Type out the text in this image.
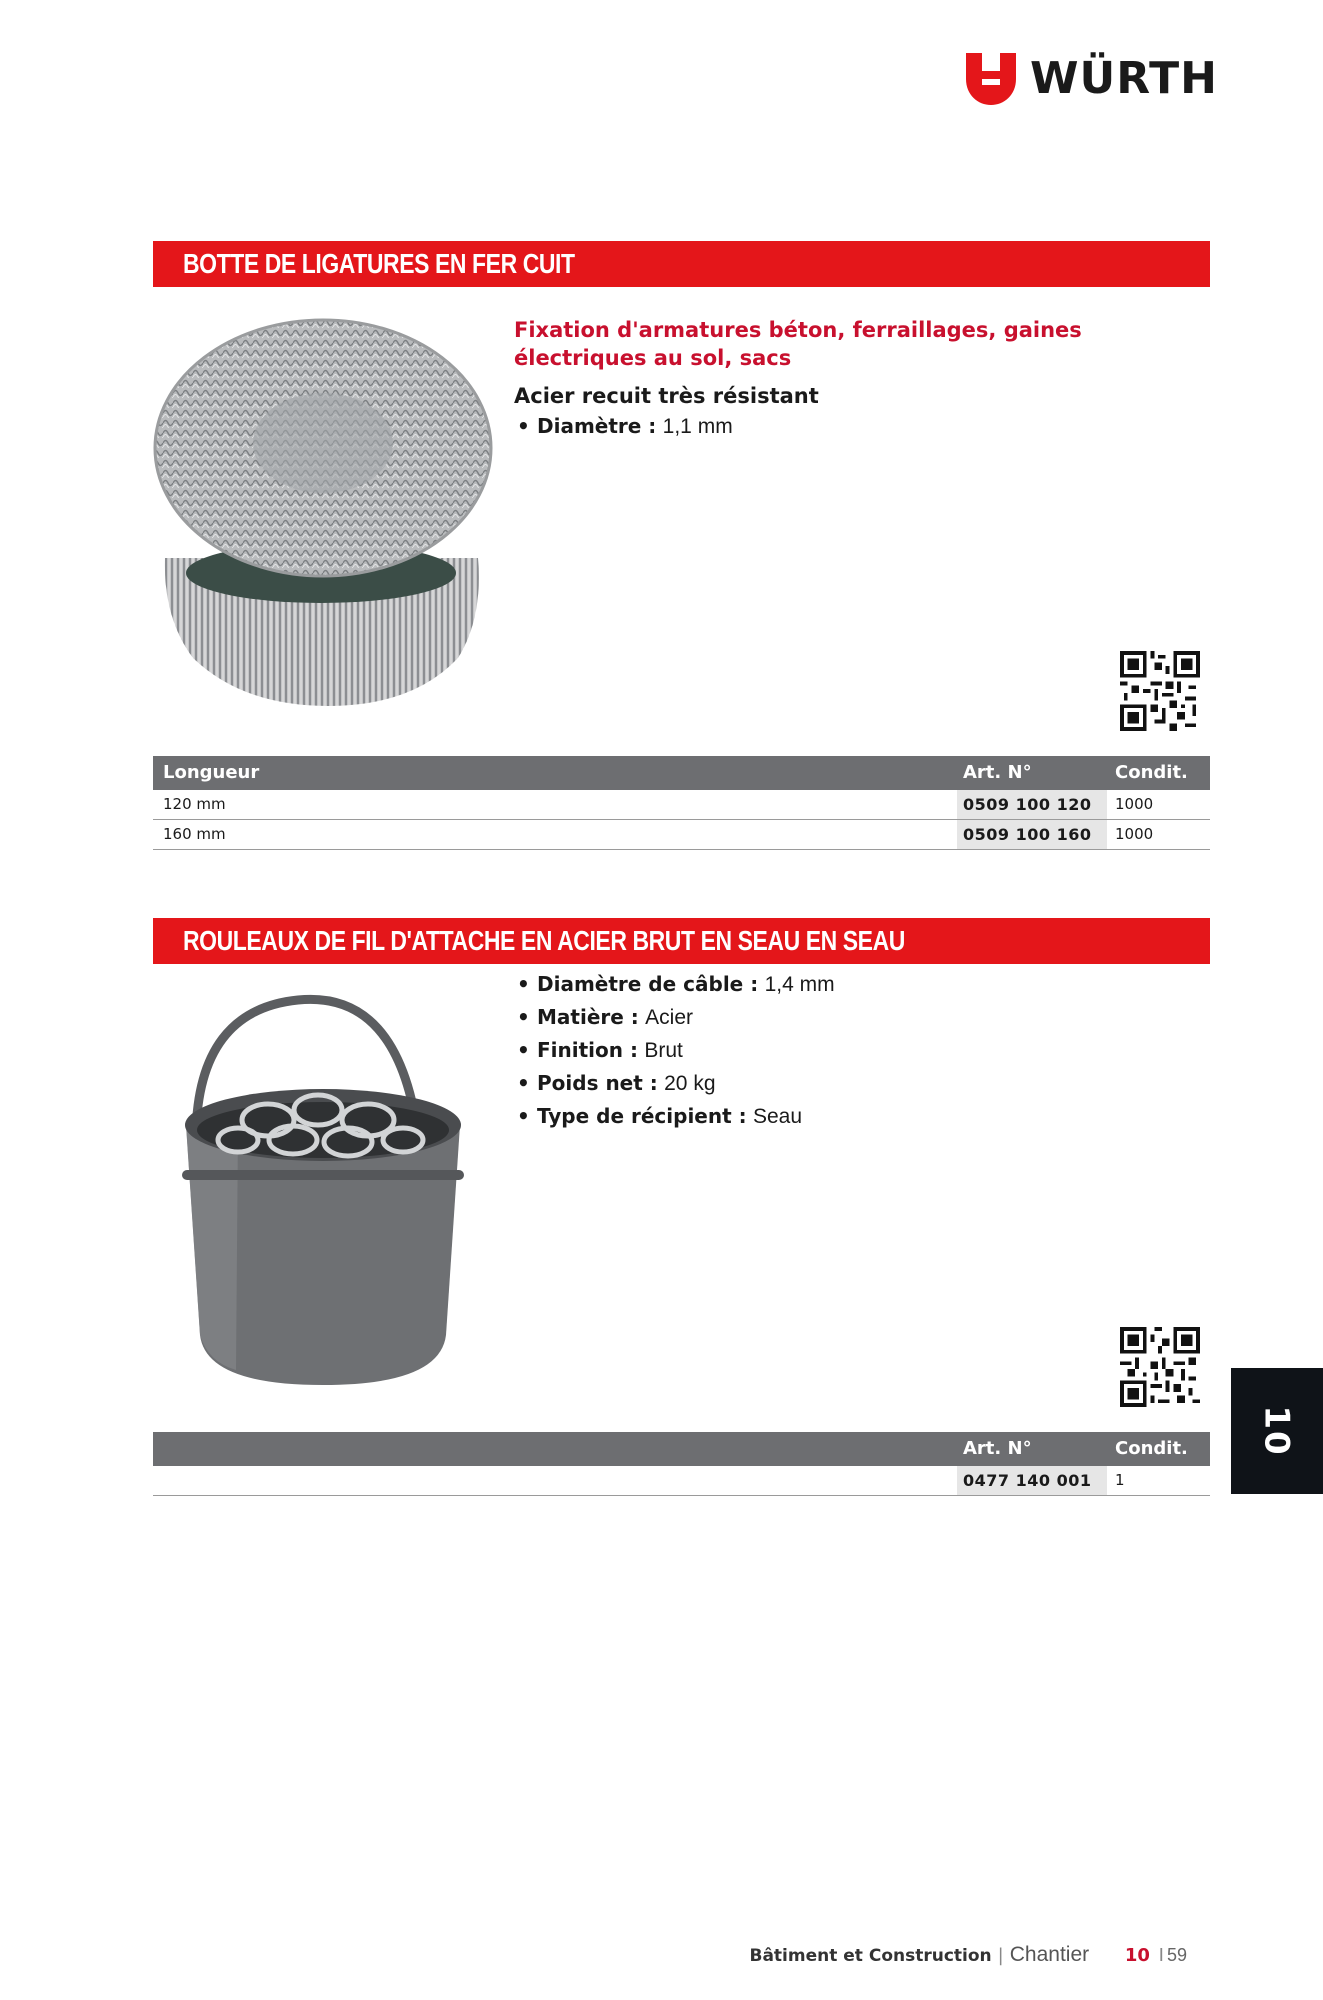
WÜRTH
BOTTE DE LIGATURES EN FER CUIT
Fixation d'armatures béton, ferraillages, gaines électriques au sol, sacs
Acier recuit très résistant
• Diamètre : 1,1 mm
Longueur	Art. N°	Condit.
120 mm	0509 100 120	1000
160 mm	0509 100 160	1000
ROULEAUX DE FIL D'ATTACHE EN ACIER BRUT EN SEAU EN SEAU
• Diamètre de câble : 1,4 mm
• Matière : Acier
• Finition : Brut
• Poids net : 20 kg
• Type de récipient : Seau
Art. N°	Condit.
0477 140 001	1
10
Bâtiment et Construction | Chantier 10 I 59
